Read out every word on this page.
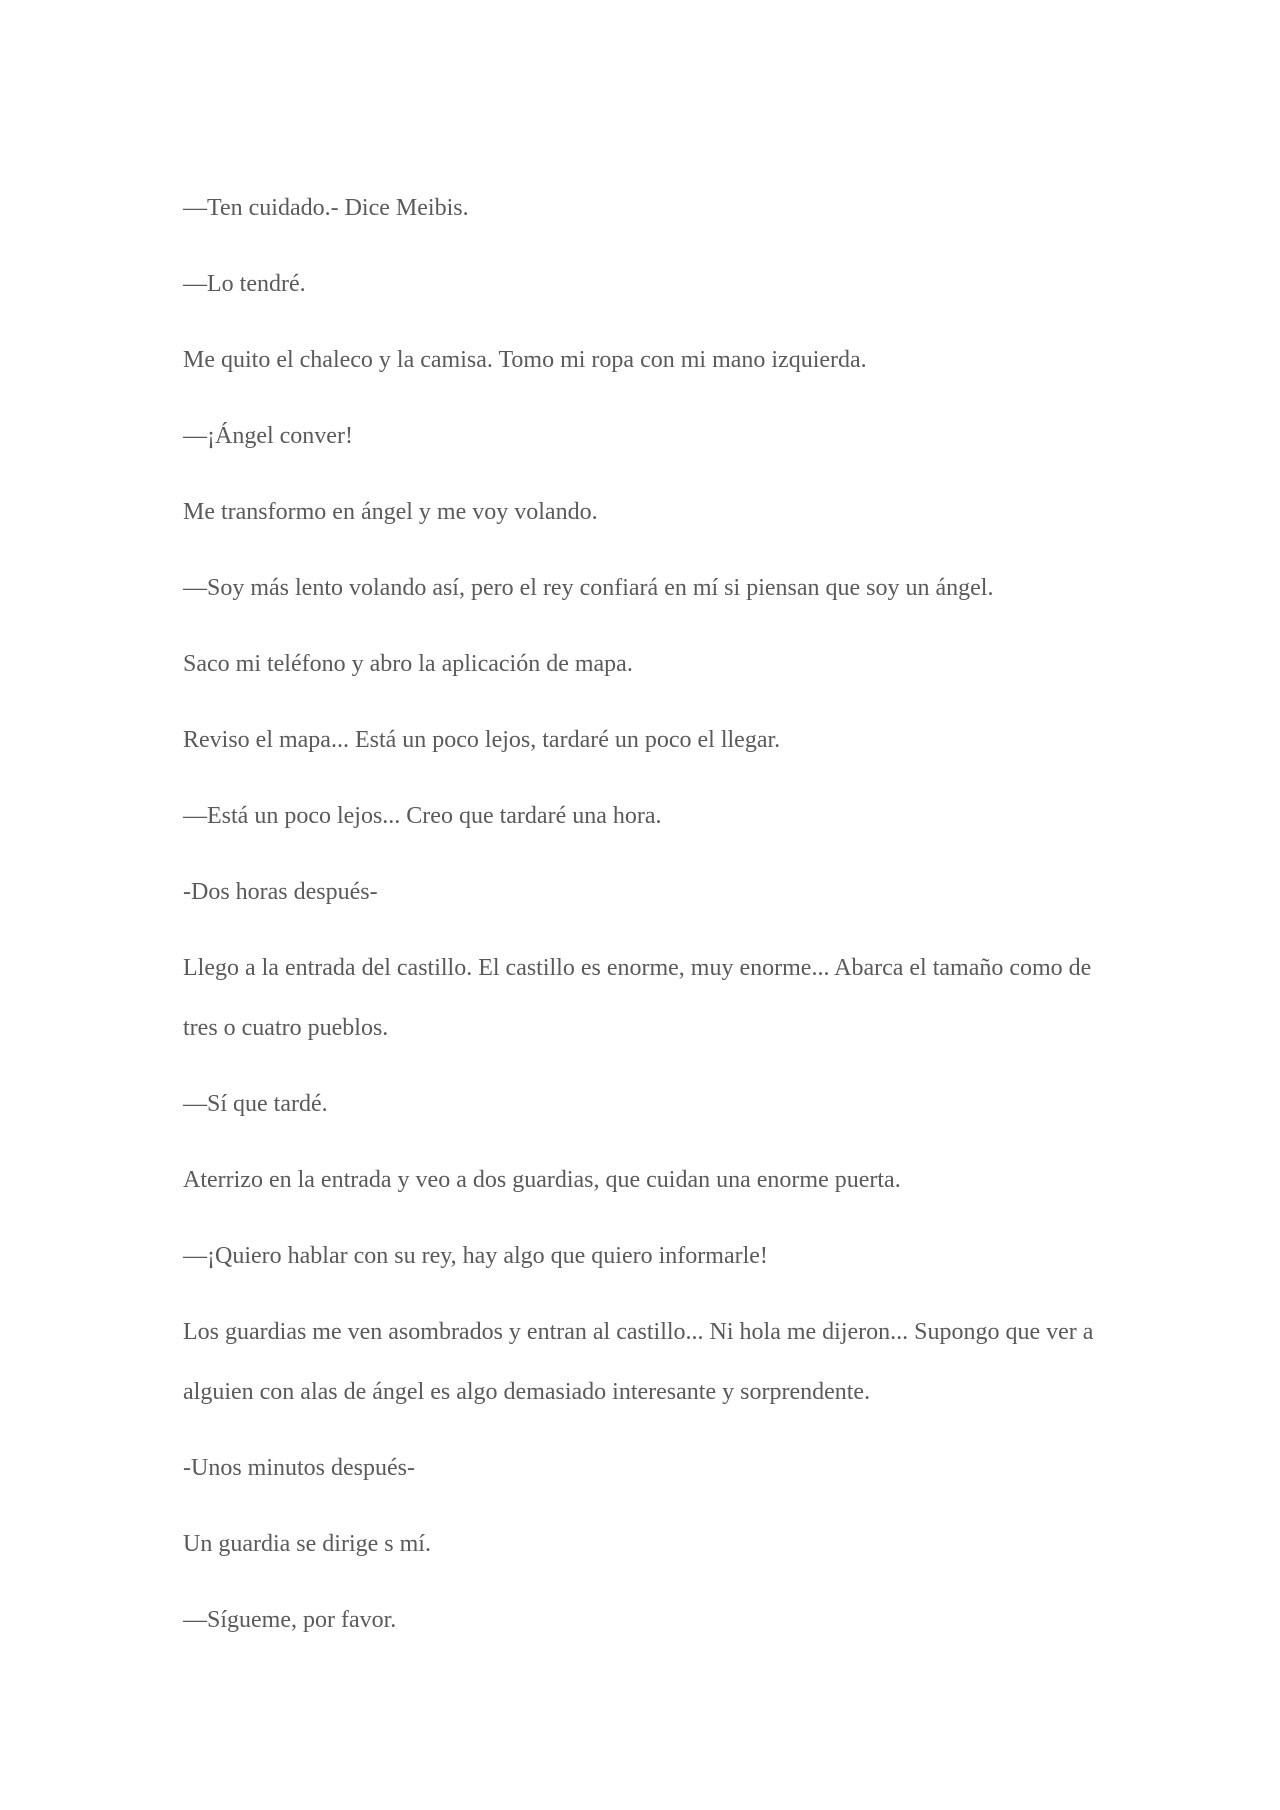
—Ten cuidado.- Dice Meibis.

—Lo tendré.

Me quito el chaleco y la camisa. Tomo mi ropa con mi mano izquierda.

—¡Ángel conver!

Me transformo en ángel y me voy volando.

—Soy más lento volando así, pero el rey confiará en mí si piensan que soy un ángel.

Saco mi teléfono y abro la aplicación de mapa.

Reviso el mapa... Está un poco lejos, tardaré un poco el llegar.

—Está un poco lejos... Creo que tardaré una hora.

-Dos horas después-

Llego a la entrada del castillo. El castillo es enorme, muy enorme... Abarca el tamaño como de tres o cuatro pueblos.

—Sí que tardé.

Aterrizo en la entrada y veo a dos guardias, que cuidan una enorme puerta.

—¡Quiero hablar con su rey, hay algo que quiero informarle!

Los guardias me ven asombrados y entran al castillo... Ni hola me dijeron... Supongo que ver a alguien con alas de ángel es algo demasiado interesante y sorprendente.

-Unos minutos después-

Un guardia se dirige s mí.

—Sígueme, por favor.
